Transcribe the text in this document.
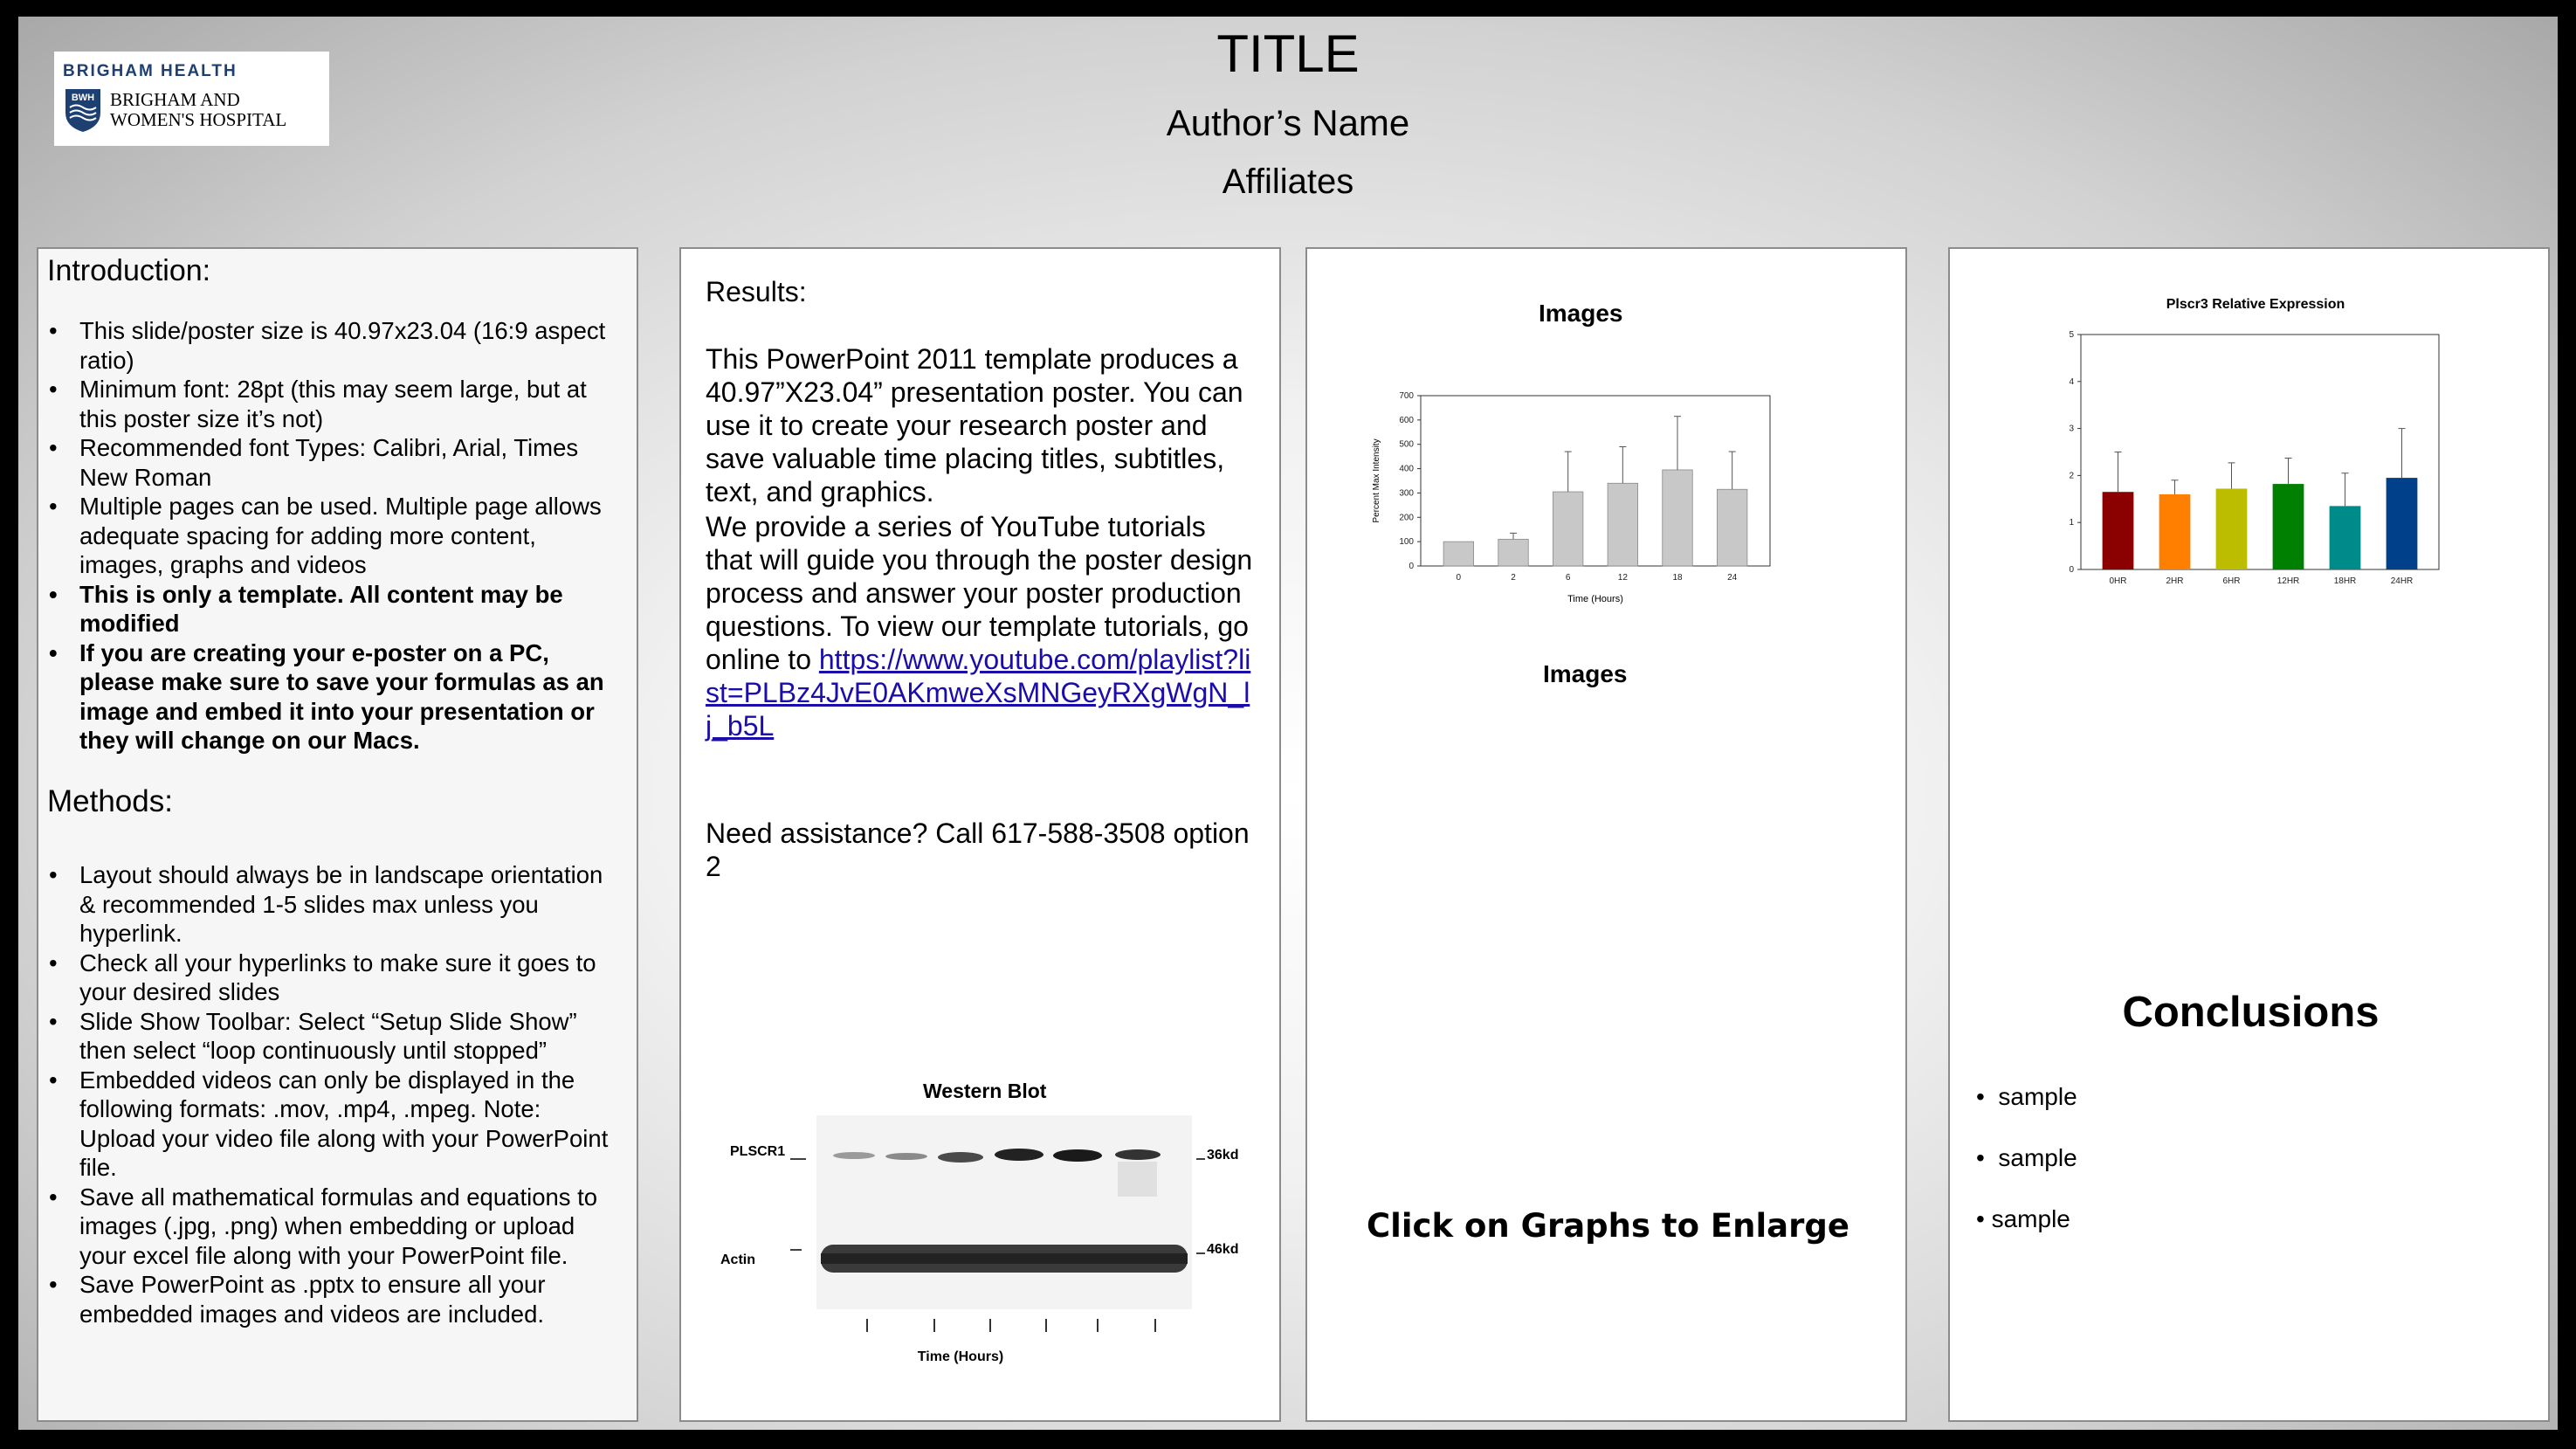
BRIGHAM HEALTH
BWH BRIGHAM AND
WOMEN'S HOSPITAL
TITLE
Author’s Name
Affiliates
Introduction:
• This slide/poster size is 40.97x23.04 (16:9 aspect ratio)
• Minimum font: 28pt (this may seem large, but at this poster size it’s not)
• Recommended font Types: Calibri, Arial, Times New Roman
• Multiple pages can be used. Multiple page allows adequate spacing for adding more content, images, graphs and videos
• This is only a template. All content may be modified
• If you are creating your e-poster on a PC, please make sure to save your formulas as an image and embed it into your presentation or they will change on our Macs.
Methods:
• Layout should always be in landscape orientation & recommended 1-5 slides max unless you hyperlink.
• Check all your hyperlinks to make sure it goes to your desired slides
• Slide Show Toolbar: Select “Setup Slide Show” then select “loop continuously until stopped”
• Embedded videos can only be displayed in the following formats: .mov, .mp4, .mpeg. Note: Upload your video file along with your PowerPoint file.
• Save all mathematical formulas and equations to images (.jpg, .png) when embedding or upload your excel file along with your PowerPoint file.
• Save PowerPoint as .pptx to ensure all your embedded images and videos are included.
Results:
This PowerPoint 2011 template produces a 40.97”X23.04” presentation poster. You can use it to create your research poster and save valuable time placing titles, subtitles, text, and graphics.
We provide a series of YouTube tutorials that will guide you through the poster design process and answer your poster production questions. To view our template tutorials, go online to https://www.youtube.com/playlist?list=PLBz4JvE0AKmweXsMNGeyRXgWgN_lj_b5L
Need assistance? Call 617-588-3508 option 2
Western Blot
PLSCR1
Actin
36kd
46kd
Time (Hours)
Images
0
100
200
300
400
500
600
700
0	2	6	12	18	24
Time (Hours)
Percent Max Intensity
Images
Click on Graphs to Enlarge
0
1
2
3
4
5
0HR	2HR	6HR	12HR	18HR	24HR
Plscr3 Relative Expression
Conclusions
•  sample
•  sample
• sample
